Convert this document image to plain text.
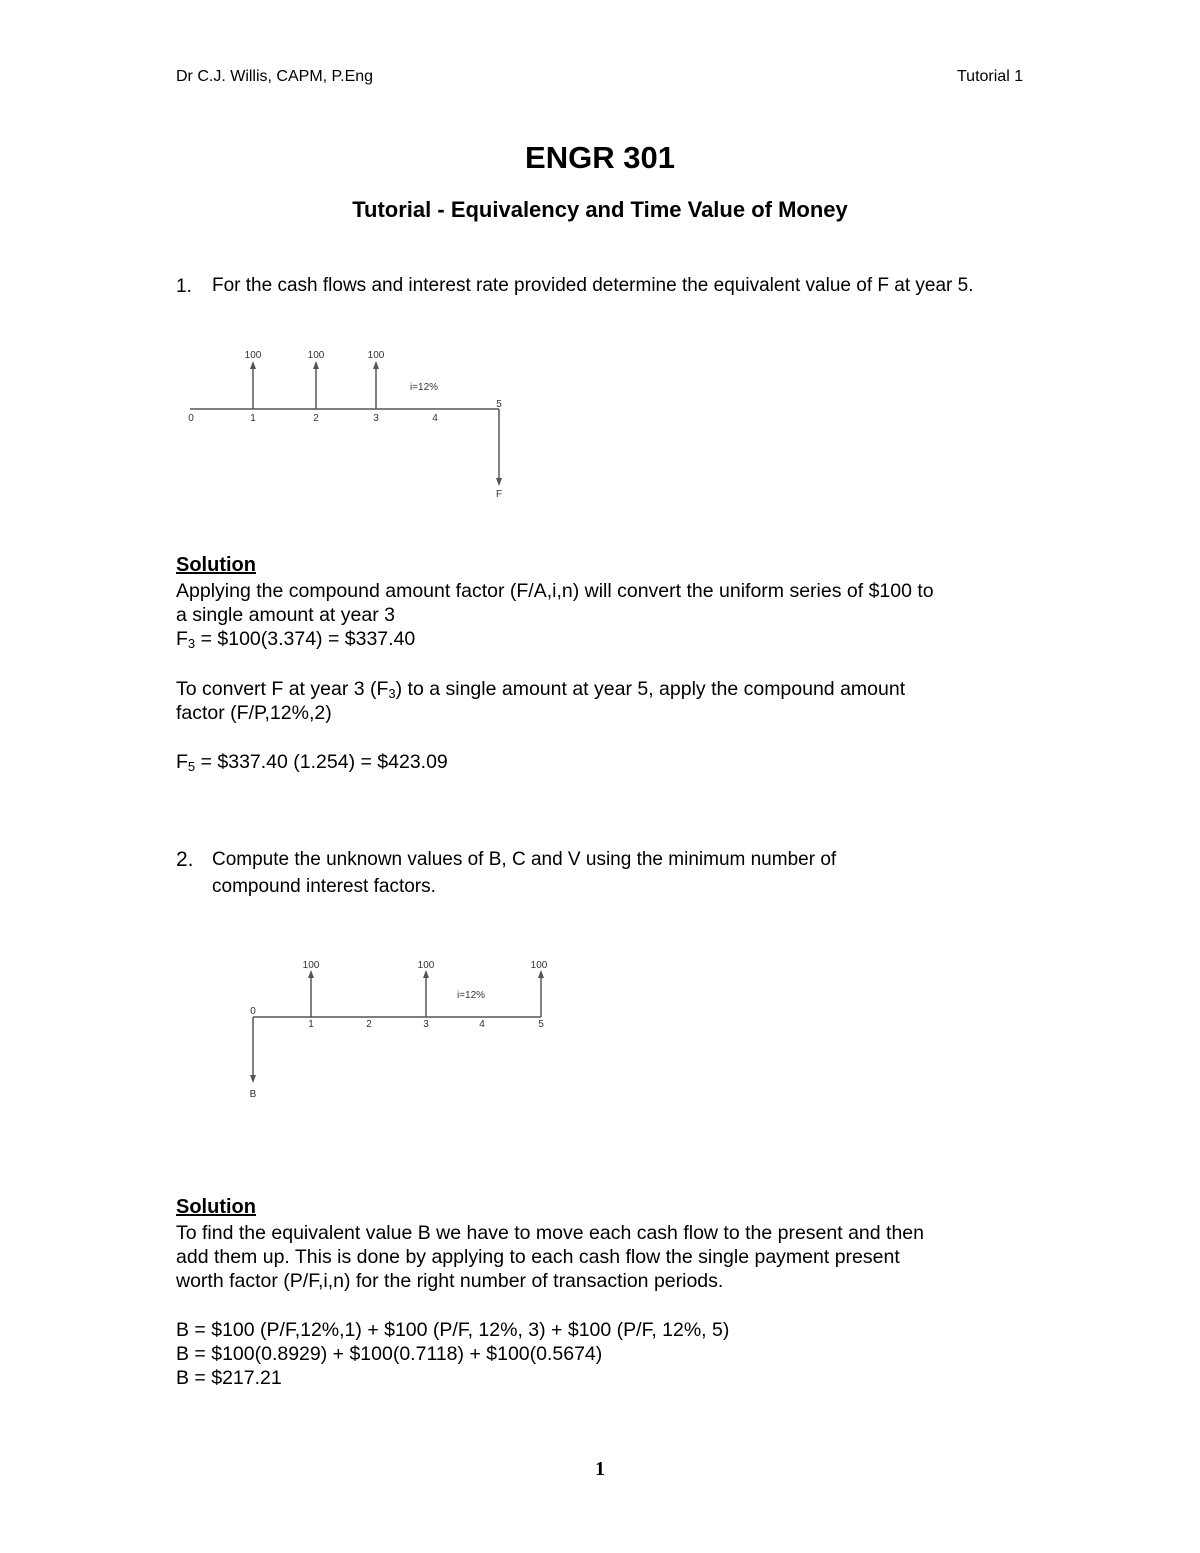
Dr C.J. Willis, CAPM, P.Eng	Tutorial 1
ENGR 301
Tutorial - Equivalency and Time Value of Money
1. For the cash flows and interest rate provided determine the equivalent value of F at year 5.
0	1	2	3	4
5
100	100	100
i=12%
F
Solution
Applying the compound amount factor (F/A,i,n) will convert the uniform series of $100 to
a single amount at year 3
$F_3$ = $100(3.374) = $337.40
To convert F at year 3 $(F_3)$ to a single amount at year 5, apply the compound amount
factor (F/P,12%,2)
$F_5$ = $337.40 (1.254) = $423.09
2. Compute the unknown values of B, C and V using the minimum number of
compound interest factors.
0
1	2	3	4	5
100	100	100
i=12%
B
Solution
To find the equivalent value B we have to move each cash flow to the present and then
add them up. This is done by applying to each cash flow the single payment present
worth factor (P/F,i,n) for the right number of transaction periods.
B = $100 (P/F,12%,1) + $100 (P/F, 12%, 3) + $100 (P/F, 12%, 5)
B = $100(0.8929) + $100(0.7118) + $100(0.5674)
B = $217.21
1
